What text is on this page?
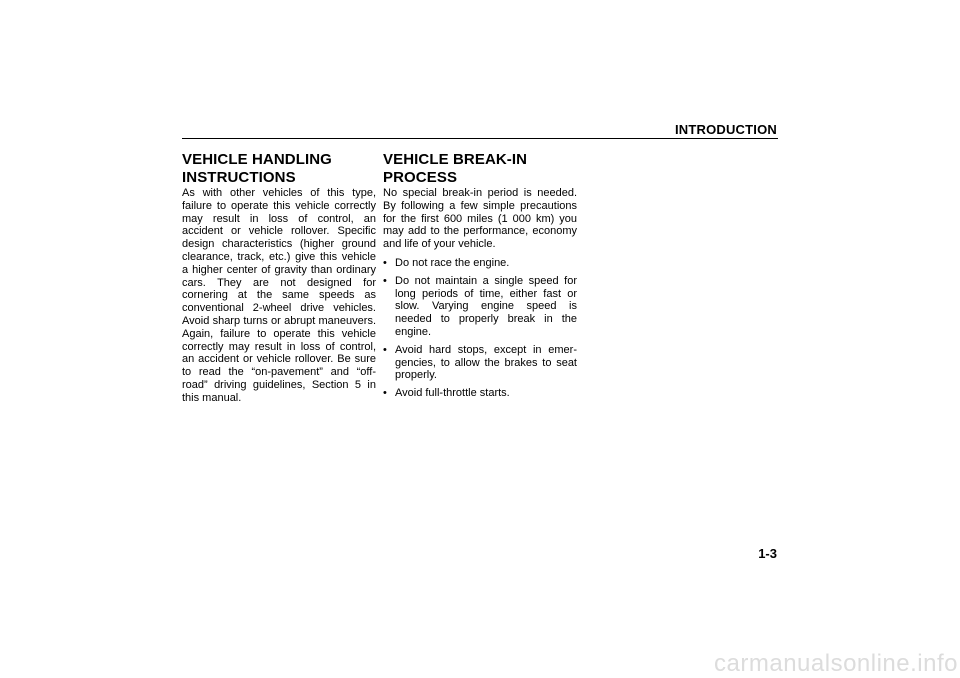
INTRODUCTION
VEHICLE HANDLING INSTRUCTIONS

As with other vehicles of this type, failure to operate this vehicle correctly may result in loss of control, an accident or vehicle rollover. Specific design characteristics (higher ground clearance, track, etc.) give this vehicle a higher center of gravity than ordinary cars. They are not designed for cornering at the same speeds as conventional 2-wheel drive vehicles. Avoid sharp turns or abrupt maneuvers. Again, failure to operate this vehicle correctly may result in loss of control, an accident or vehicle rollover. Be sure to read the “on-pavement” and “off-road” driving guidelines, Section 5 in this manual.

VEHICLE BREAK-IN PROCESS

No special break-in period is needed. By following a few simple precautions for the first 600 miles (1 000 km) you may add to the performance, economy and life of your vehicle.

• Do not race the engine.
• Do not maintain a single speed for long periods of time, either fast or slow. Varying engine speed is needed to properly break in the engine.
• Avoid hard stops, except in emergencies, to allow the brakes to seat properly.
• Avoid full-throttle starts.
1-3
carmanualsonline.info
